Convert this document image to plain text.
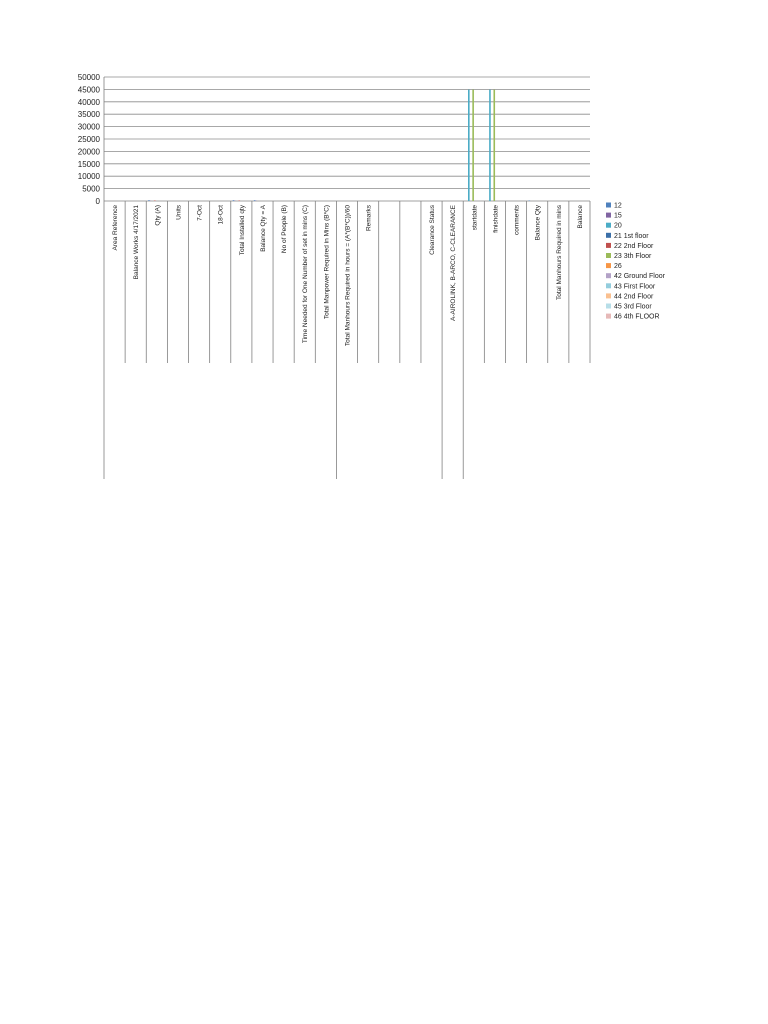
50000
45000
40000
35000
30000
25000
20000
15000
10000
5000
0
Area Reference Balance Works 4/17/2021 Qty (A) Units 7-Oct 18-Oct Total Installed qty Balance Qty = A No of People (B) Time Needed for One Number of set in mins (C) Total Manpower Required in Mins (B*C) Total Manhours Required in hours = (A*(B*C))/60 Remarks	Clearance Status A-AIROLINK, B-ARCO, C-CLEARANCE startdate finishdate comments Balance Qty Total Manhours Required in mins Balance	12
15
20
21 1st floor
22 2nd Floor
23 3th Floor
26
42 Ground Floor
43 First Floor
44 2nd Floor
45 3rd Floor
46 4th FLOOR
